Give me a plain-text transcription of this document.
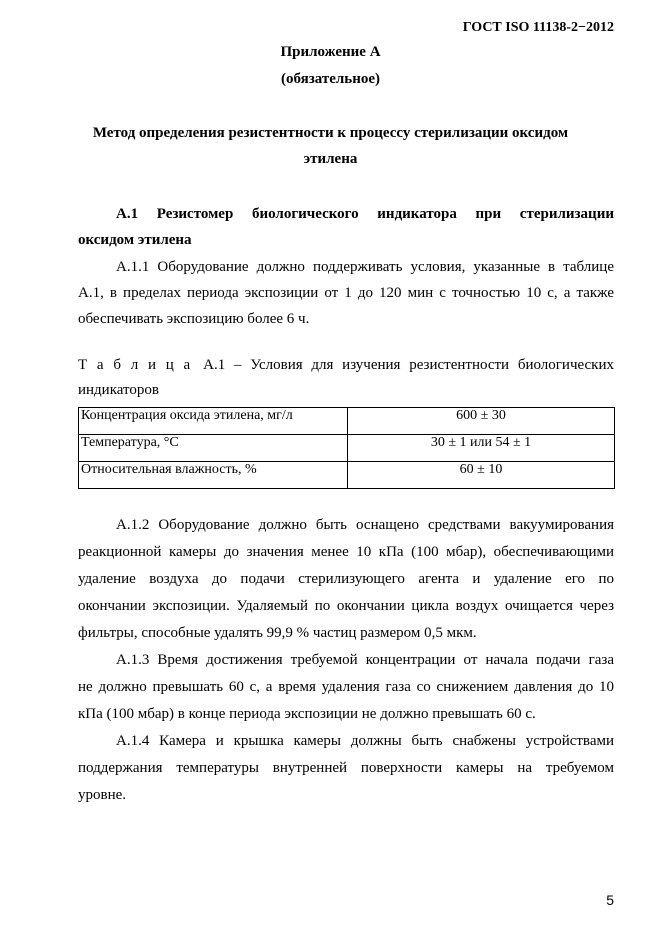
ГОСТ ISO 11138-2−2012
Приложение А
(обязательное)
Метод определения резистентности к процессу стерилизации оксидом
этилена
А.1 Резистомер биологического индикатора при стерилизации
оксидом этилена
А.1.1 Оборудование должно поддерживать условия, указанные в таблице
А.1, в пределах периода экспозиции от 1 до 120 мин с точностью 10 с, а также
обеспечивать экспозицию более 6 ч.
Т а б л и ц а А.1 – Условия для изучения резистентности биологических
индикаторов
Концентрация оксида этилена, мг/л	600 ± 30
Температура, °С	30 ± 1 или 54 ± 1
Относительная влажность, %	60 ± 10
А.1.2 Оборудование должно быть оснащено средствами вакуумирования
реакционной камеры до значения менее 10 кПа (100 мбар), обеспечивающими
удаление воздуха до подачи стерилизующего агента и удаление его по
окончании экспозиции. Удаляемый по окончании цикла воздух очищается через
фильтры, способные удалять 99,9 % частиц размером 0,5 мкм.
А.1.3 Время достижения требуемой концентрации от начала подачи газа
не должно превышать 60 с, а время удаления газа со снижением давления до 10
кПа (100 мбар) в конце периода экспозиции не должно превышать 60 с.
А.1.4 Камера и крышка камеры должны быть снабжены устройствами
поддержания температуры внутренней поверхности камеры на требуемом
уровне.
5
